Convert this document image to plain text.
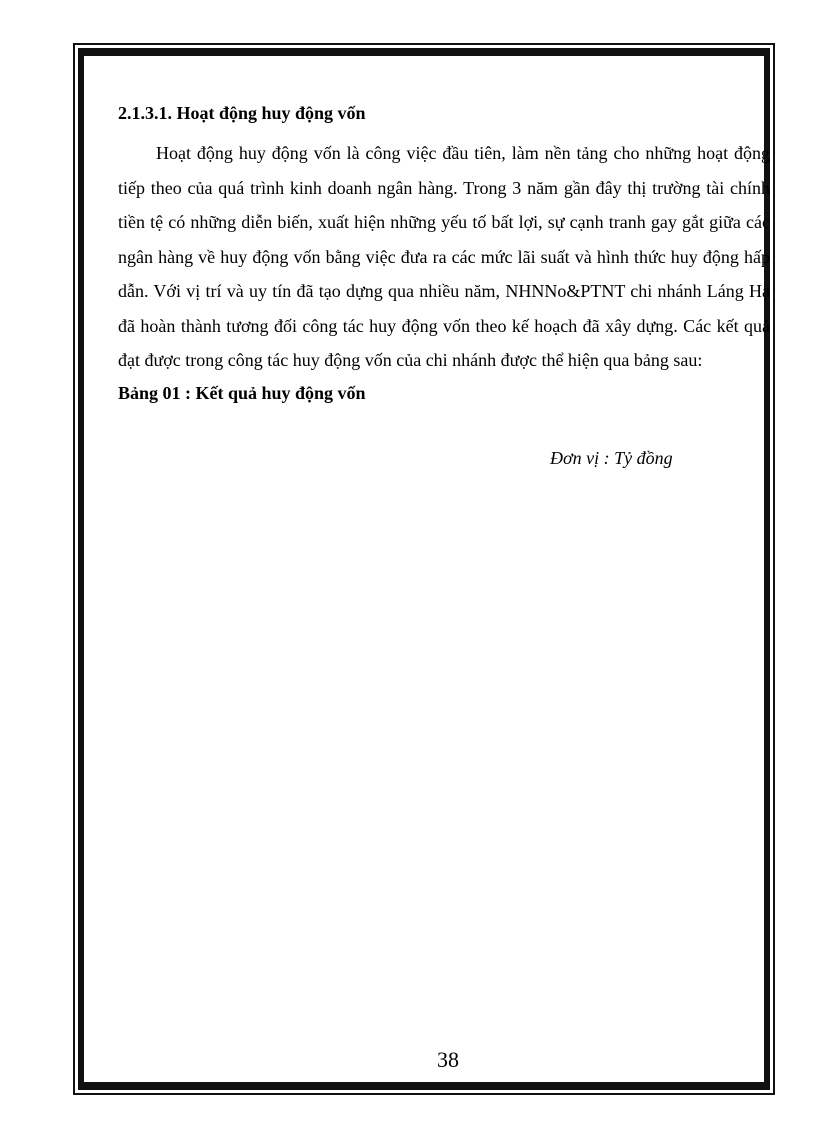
2.1.3.1. Hoạt động huy động vốn

Hoạt động huy động vốn là công việc đầu tiên, làm nền tảng cho những hoạt động tiếp theo của quá trình kinh doanh ngân hàng. Trong 3 năm gần đây thị trường tài chính tiền tệ có những diễn biến, xuất hiện những yếu tố bất lợi, sự cạnh tranh gay gắt giữa các ngân hàng về huy động vốn bằng việc đưa ra các mức lãi suất và hình thức huy động hấp dẫn. Với vị trí và uy tín đã tạo dựng qua nhiều năm, NHNNo&PTNT chi nhánh Láng Hạ đã hoàn thành tương đối công tác huy động vốn theo kế hoạch đã xây dựng. Các kết quả đạt được trong công tác huy động vốn của chi nhánh được thể hiện qua bảng sau:

Bảng 01 : Kết quả huy động vốn
Đơn vị : Tỷ đồng
38
